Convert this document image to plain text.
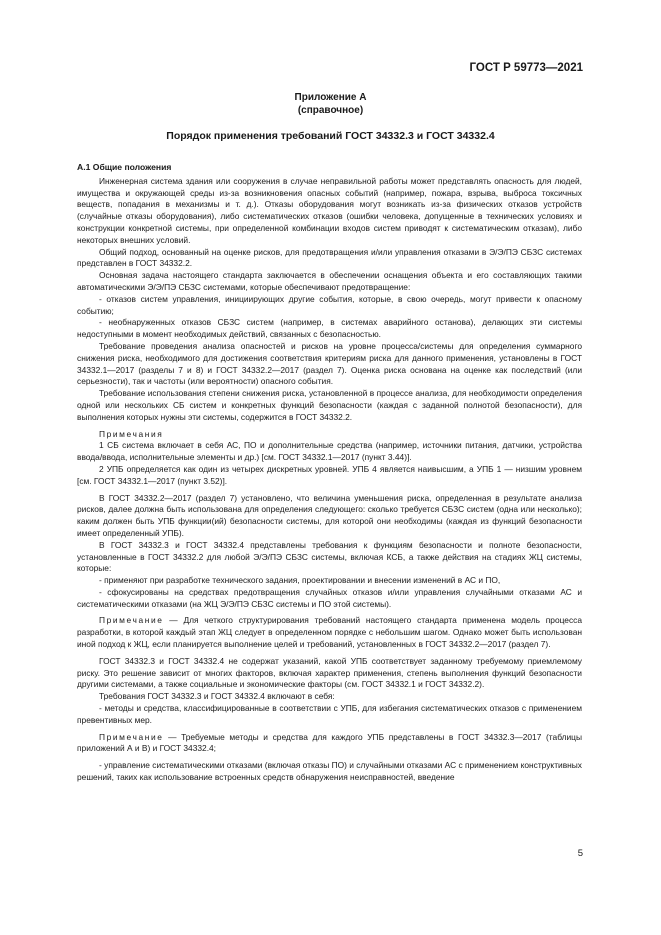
ГОСТ Р 59773—2021
Приложение А
(справочное)
Порядок применения требований ГОСТ 34332.3 и ГОСТ 34332.4
А.1 Общие положения

Инженерная система здания или сооружения в случае неправильной работы может представлять опасность для людей, имущества и окружающей среды из-за возникновения опасных событий (например, пожара, взрыва, выброса токсичных веществ, попадания в механизмы и т. д.). Отказы оборудования могут возникать из-за физических отказов устройств (случайные отказы оборудования), либо систематических отказов (ошибки человека, допущенные в технических условиях и конструкции конкретной системы, при определенной комбинации входов систем приводят к систематическим отказам), либо некоторых внешних условий.

Общий подход, основанный на оценке рисков, для предотвращения и/или управления отказами в Э/Э/ПЭ СБЗС системах представлен в ГОСТ 34332.2.

Основная задача настоящего стандарта заключается в обеспечении оснащения объекта и его составляющих такими автоматическими Э/Э/ПЭ СБЗС системами, которые обеспечивают предотвращение:

- отказов систем управления, инициирующих другие события, которые, в свою очередь, могут привести к опасному событию;

- необнаруженных отказов СБЗС систем (например, в системах аварийного останова), делающих эти системы недоступными в момент необходимых действий, связанных с безопасностью.

Требование проведения анализа опасностей и рисков на уровне процесса/системы для определения суммарного снижения риска, необходимого для достижения соответствия критериям риска для данного применения, установлены в ГОСТ 34332.1—2017 (разделы 7 и 8) и ГОСТ 34332.2—2017 (раздел 7). Оценка риска основана на оценке как последствий (или серьезности), так и частоты (или вероятности) опасного события.

Требование использования степени снижения риска, установленной в процессе анализа, для необходимости определения одной или нескольких СБ систем и конкретных функций безопасности (каждая с заданной полнотой безопасности), для выполнения которых нужны эти системы, содержится в ГОСТ 34332.2.

Примечания

1 СБ система включает в себя АС, ПО и дополнительные средства (например, источники питания, датчики, устройства ввода/ввода, исполнительные элементы и др.) [см. ГОСТ 34332.1—2017 (пункт 3.44)].

2 УПБ определяется как один из четырех дискретных уровней. УПБ 4 является наивысшим, а УПБ 1 — низшим уровнем [см. ГОСТ 34332.1—2017 (пункт 3.52)].

В ГОСТ 34332.2—2017 (раздел 7) установлено, что величина уменьшения риска, определенная в результате анализа рисков, далее должна быть использована для определения следующего: сколько требуется СБЗС систем (одна или несколько); каким должен быть УПБ функции(ий) безопасности системы, для которой они необходимы (каждая из функций безопасности имеет определенный УПБ).

В ГОСТ 34332.3 и ГОСТ 34332.4 представлены требования к функциям безопасности и полноте безопасности, установленные в ГОСТ 34332.2 для любой Э/Э/ПЭ СБЗС системы, включая КСБ, а также действия на стадиях ЖЦ системы, которые:

- применяют при разработке технического задания, проектировании и внесении изменений в АС и ПО,

- сфокусированы на средствах предотвращения случайных отказов и/или управления случайными отказами АС и систематическими отказами (на ЖЦ Э/Э/ПЭ СБЗС системы и ПО этой системы).

Примечание — Для четкого структурирования требований настоящего стандарта применена модель процесса разработки, в которой каждый этап ЖЦ следует в определенном порядке с небольшим шагом. Однако может быть использован иной подход к ЖЦ, если планируется выполнение целей и требований, установленных в ГОСТ 34332.2—2017 (раздел 7).

ГОСТ 34332.3 и ГОСТ 34332.4 не содержат указаний, какой УПБ соответствует заданному требуемому приемлемому риску. Это решение зависит от многих факторов, включая характер применения, степень выполнения функций безопасности другими системами, а также социальные и экономические факторы (см. ГОСТ 34332.1 и ГОСТ 34332.2).

Требования ГОСТ 34332.3 и ГОСТ 34332.4 включают в себя:

- методы и средства, классифицированные в соответствии с УПБ, для избегания систематических отказов с применением превентивных мер.

Примечание — Требуемые методы и средства для каждого УПБ представлены в ГОСТ 34332.3—2017 (таблицы приложений А и В) и ГОСТ 34332.4;

- управление систематическими отказами (включая отказы ПО) и случайными отказами АС с применением конструктивных решений, таких как использование встроенных средств обнаружения неисправностей, введение

5
